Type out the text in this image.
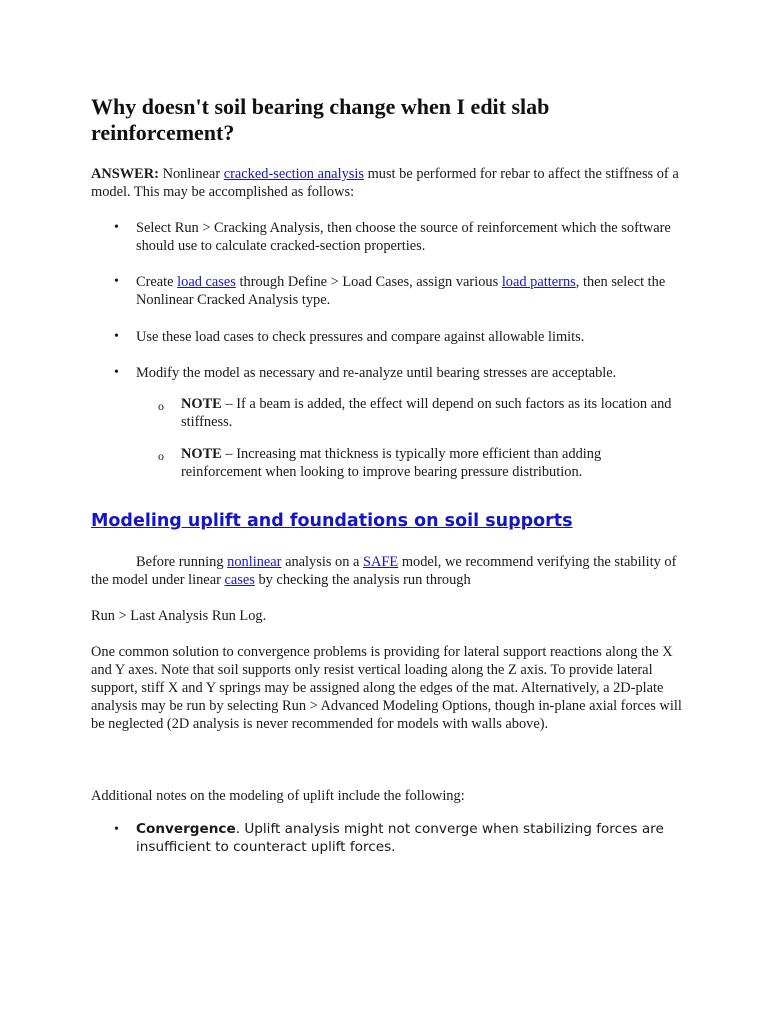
Why doesn't soil bearing change when I edit slab reinforcement?

ANSWER: Nonlinear cracked-section analysis must be performed for rebar to affect the stiffness of a model. This may be accomplished as follows:

• Select Run > Cracking Analysis, then choose the source of reinforcement which the software should use to calculate cracked-section properties.
• Create load cases through Define > Load Cases, assign various load patterns, then select the Nonlinear Cracked Analysis type.
• Use these load cases to check pressures and compare against allowable limits.
• Modify the model as necessary and re-analyze until bearing stresses are acceptable.
o NOTE – If a beam is added, the effect will depend on such factors as its location and stiffness.
o NOTE – Increasing mat thickness is typically more efficient than adding reinforcement when looking to improve bearing pressure distribution.
Modeling uplift and foundations on soil supports

Before running nonlinear analysis on a SAFE model, we recommend verifying the stability of the model under linear cases by checking the analysis run through

Run > Last Analysis Run Log.

One common solution to convergence problems is providing for lateral support reactions along the X and Y axes. Note that soil supports only resist vertical loading along the Z axis. To provide lateral support, stiff X and Y springs may be assigned along the edges of the mat. Alternatively, a 2D-plate analysis may be run by selecting Run > Advanced Modeling Options, though in-plane axial forces will be neglected (2D analysis is never recommended for models with walls above).

Additional notes on the modeling of uplift include the following:

• Convergence. Uplift analysis might not converge when stabilizing forces are insufficient to counteract uplift forces.
